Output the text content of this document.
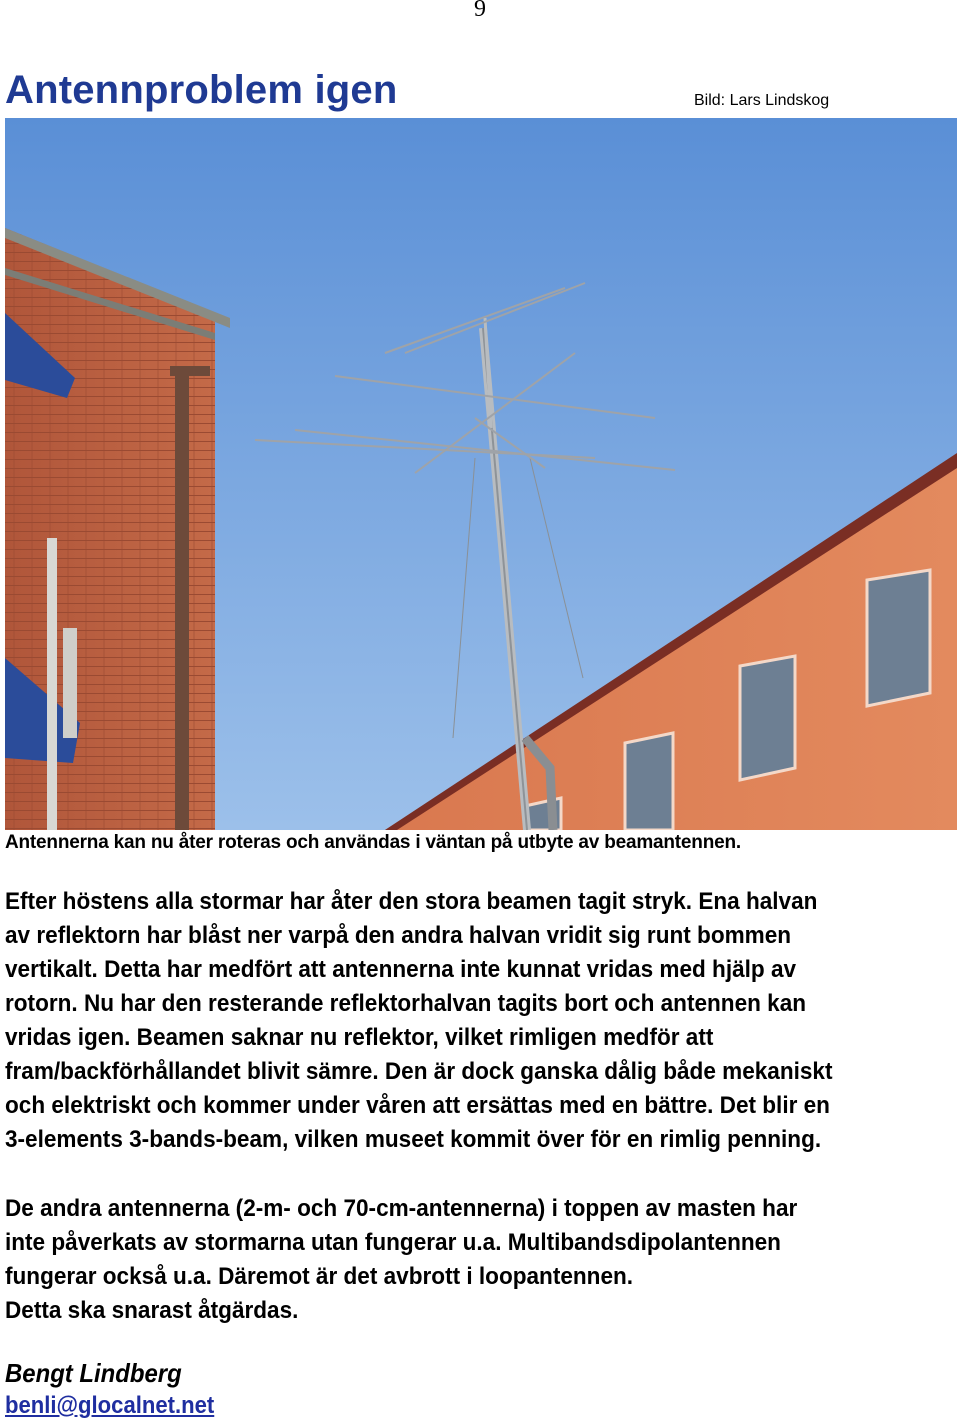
9
Antennproblem igen	Bild: Lars Lindskog
Antennerna kan nu åter roteras och användas i väntan på utbyte av beamantennen.
Efter höstens alla stormar har åter den stora beamen tagit stryk. Ena halvan
av reflektorn har blåst ner varpå den andra halvan vridit sig runt bommen
vertikalt. Detta har medfört att antennerna inte kunnat vridas med hjälp av
rotorn. Nu har den resterande reflektorhalvan tagits bort och antennen kan
vridas igen. Beamen saknar nu reflektor, vilket rimligen medför att
fram/backförhållandet blivit sämre. Den är dock ganska dålig både mekaniskt
och elektriskt och kommer under våren att ersättas med en bättre. Det blir en
3-elements 3-bands-beam, vilken museet kommit över för en rimlig penning.
De andra antennerna (2-m- och 70-cm-antennerna) i toppen av masten har
inte påverkats av stormarna utan fungerar u.a. Multibandsdipolantennen
fungerar också u.a. Däremot är det avbrott i loopantennen.
Detta ska snarast åtgärdas.
Bengt Lindberg
benli@glocalnet.net
